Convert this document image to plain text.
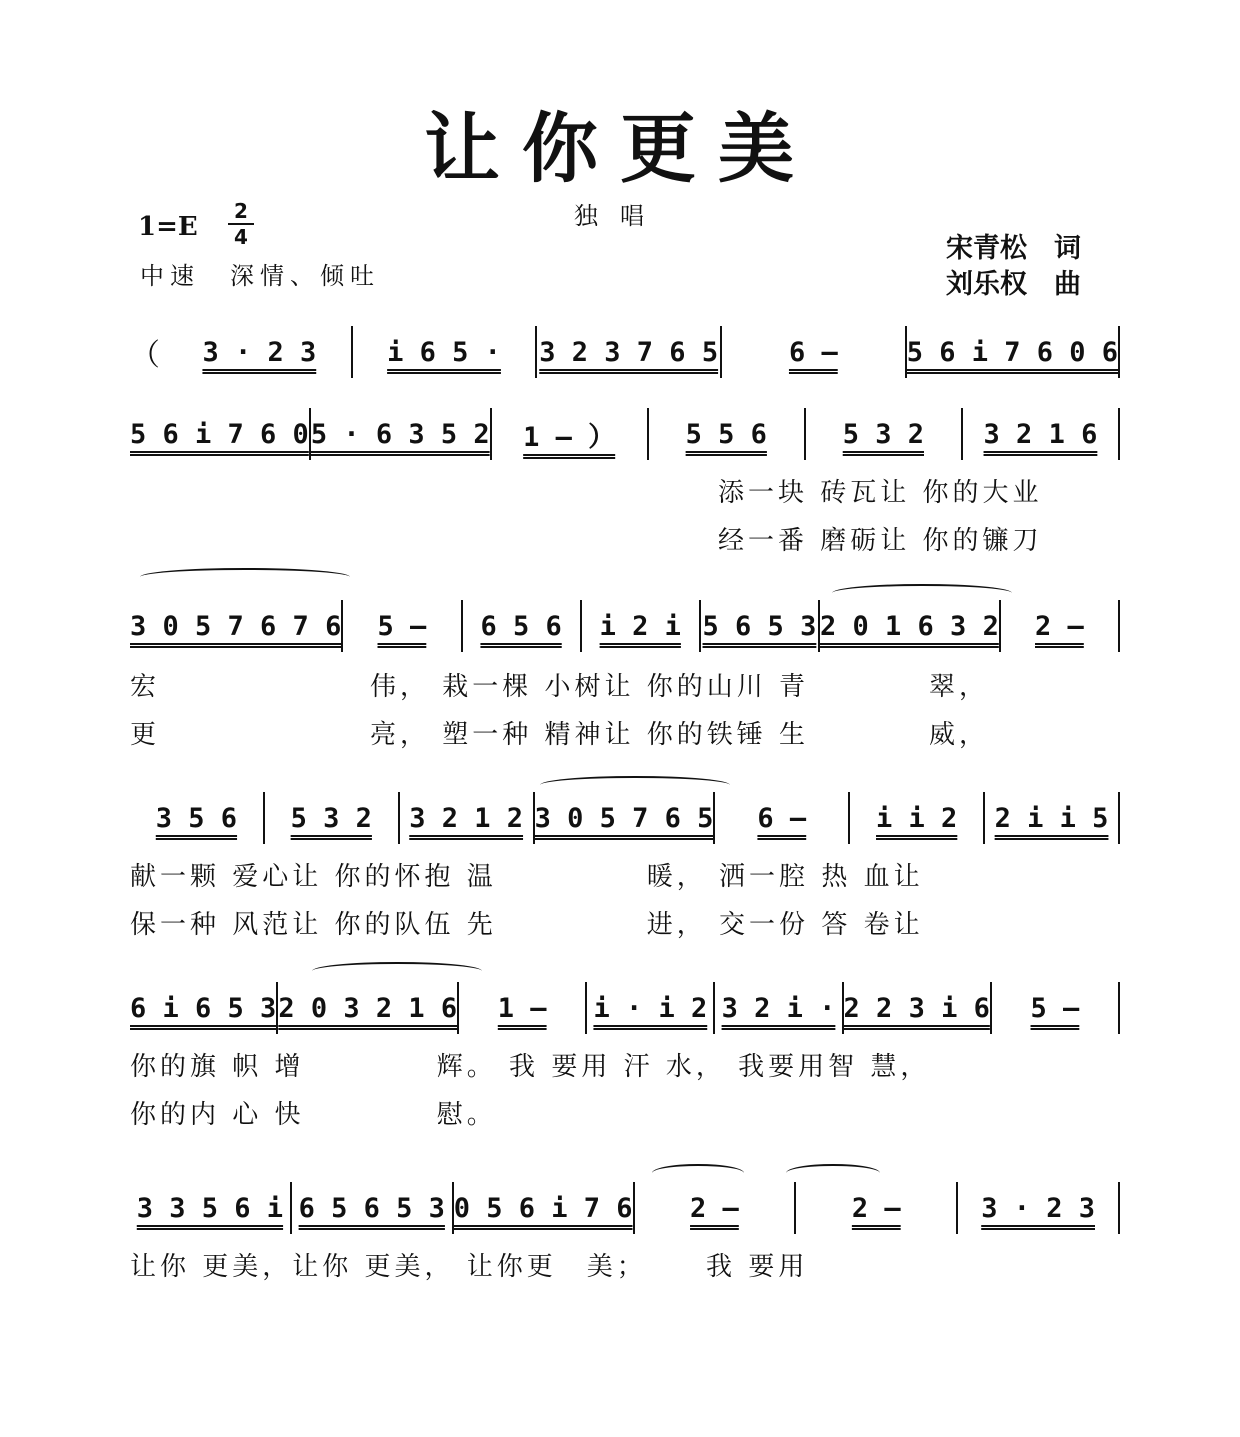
让你更美
独唱
1=E
2
4
中速　深情、倾吐
宋青松　词
刘乐权　曲
（	3 · 2 3	i 6 5 ·	3 2 3 7 6 5	6 –	5 6 i 7 6 0 6
5 6 i 7 6 0 5 · 6 3 5 2	1 – ）	5 5 6	5 3 2	3 2 1 6
添一块 砖瓦让 你的大业
经一番 磨砺让 你的镰刀
3 0 5 7 6 7 6	5 –	6 5 6	i 2 i 5 6 5 3 2 0 1 6 3 2	2 –
宏　　　　　　　伟， 栽一棵 小树让 你的山川 青　　　　翠，
更　　　　　　　亮， 塑一种 精神让 你的铁锤 生　　　　威，
3 5 6	5 3 2	3 2 1 2 3 0 5 7 6 5	6 –	i i 2	2 i i 5
献一颗 爱心让 你的怀抱 温　　　　　暖， 洒一腔 热 血让
保一种 风范让 你的队伍 先　　　　　进， 交一份 答 卷让
6 i 6 5 3 2 0 3 2 1 6	1 –	i · i 2 3 2 i · 2 2 3 i 6	5 –
你的旗 帜 增　　　　 辉。 我 要用 汗 水， 我要用智 慧，
你的内 心 快　　　　 慰。
3 3 5 6 i 6 5 6 5 3 0 5 6 i 7 6	2 –	2 –	3 · 2 3
让你 更美，让你 更美， 让你更　美；　　 我 要用
